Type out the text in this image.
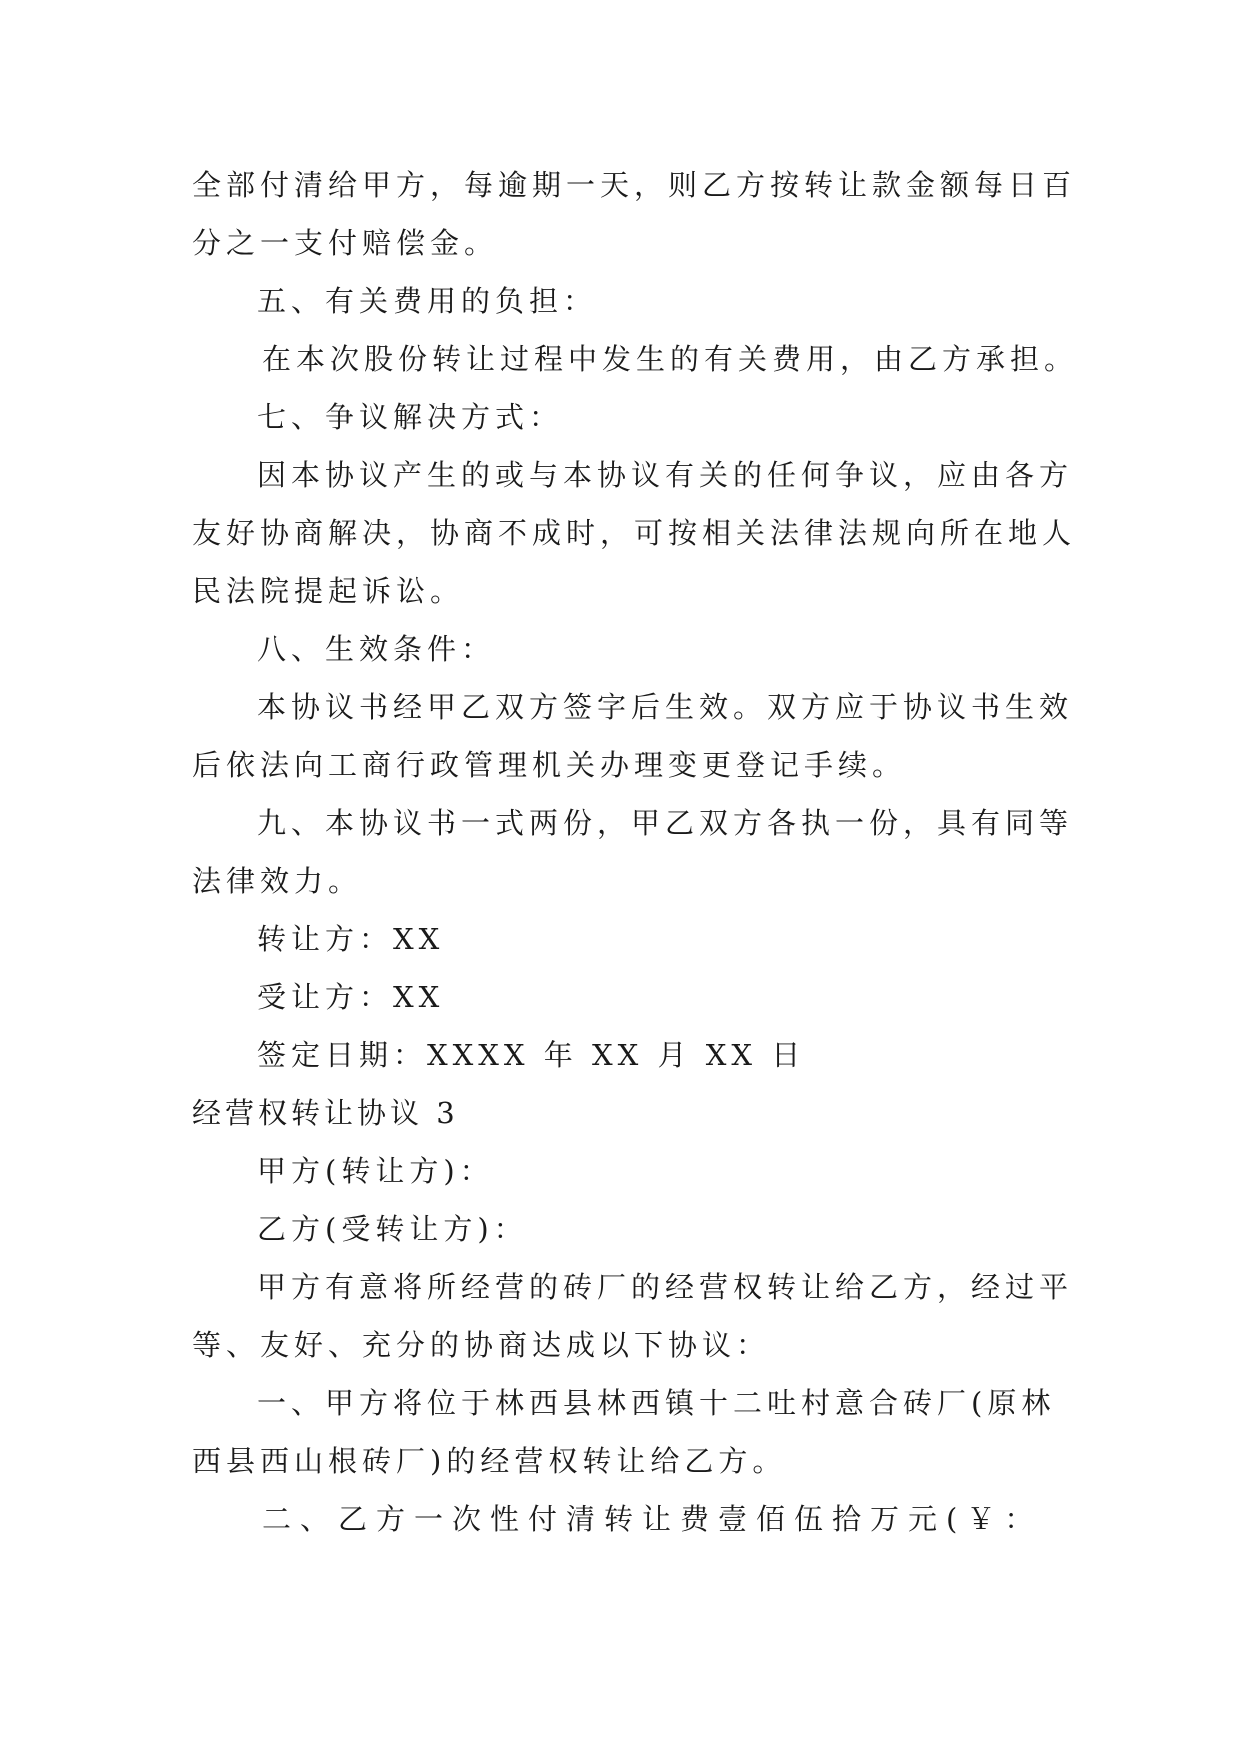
全部付清给甲方，每逾期一天，则乙方按转让款金额每日百
分之一支付赔偿金。
五、有关费用的负担：
在本次股份转让过程中发生的有关费用，由乙方承担。
七、争议解决方式：
因本协议产生的或与本协议有关的任何争议，应由各方
友好协商解决，协商不成时，可按相关法律法规向所在地人
民法院提起诉讼。
八、生效条件：
本协议书经甲乙双方签字后生效。双方应于协议书生效
后依法向工商行政管理机关办理变更登记手续。
九、本协议书一式两份，甲乙双方各执一份，具有同等
法律效力。
转让方：XX
受让方：XX
签定日期：XXXX 年 XX 月 XX 日
经营权转让协议 3
甲方(转让方)：
乙方(受转让方)：
甲方有意将所经营的砖厂的经营权转让给乙方，经过平
等、友好、充分的协商达成以下协议：
一、甲方将位于林西县林西镇十二吐村意合砖厂(原林
西县西山根砖厂)的经营权转让给乙方。
二、乙方一次性付清转让费壹佰伍拾万元(￥：
